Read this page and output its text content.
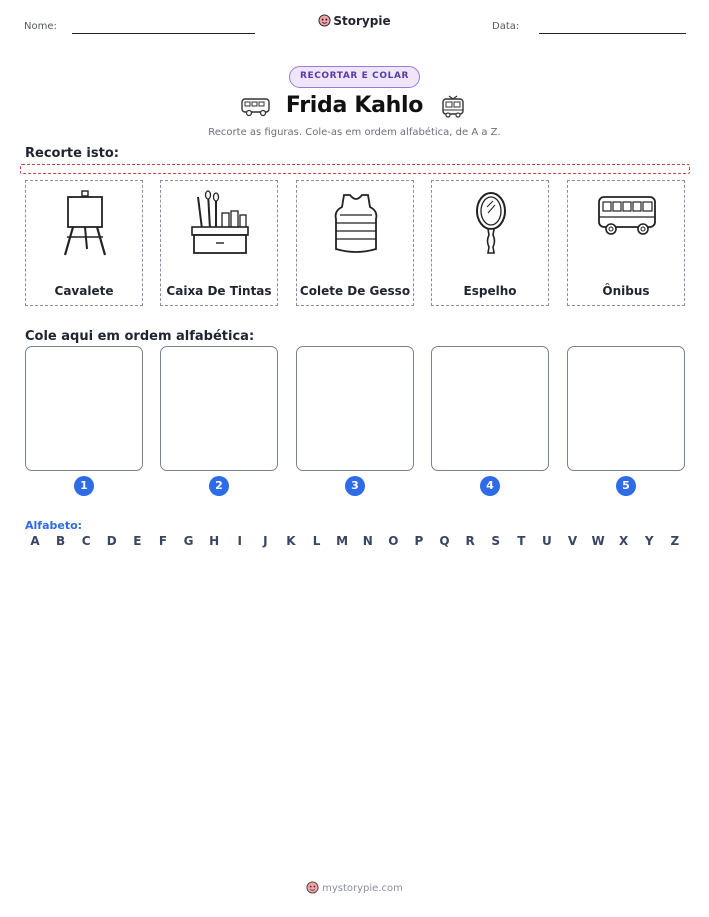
Nome:	Storypie	Data:
RECORTAR E COLAR
Frida Kahlo
Recorte as figuras. Cole-as em ordem alfabética, de A a Z.
Recorte isto:
Cavalete	Caixa De Tintas	Colete De Gesso	Espelho	Ônibus
Cole aqui em ordem alfabética:
1	2	3	4	5
Alfabeto:
A	B	C	D	E	F	G	H	I	J	K	L	M	N	O	P	Q	R	S	T	U	V	W	X	Y	Z
mystorypie.com
